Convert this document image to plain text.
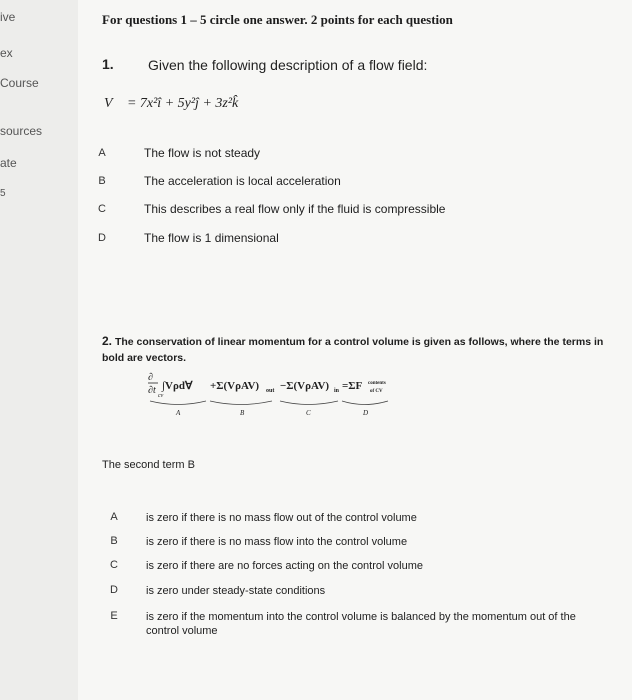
ive
ex
Course
sources
ate
5
For questions 1 – 5 circle one answer. 2 points for each question
1. Given the following description of a flow field:
V⃗ = 7x²î + 5y²ĵ + 3z²k̂
A	The flow is not steady
B	The acceleration is local acceleration
C	This describes a real flow only if the fluid is compressible
D	The flow is 1 dimensional
2. The conservation of linear momentum for a control volume is given as follows, where the terms in bold are vectors.
∂
∂t cv
∫Vρd∀ +Σ(VρAV) out −Σ(VρAV) in =ΣF contents
of CV
A	B	C	D
The second term B
A	is zero if there is no mass flow out of the control volume
B	is zero if there is no mass flow into the control volume
C	is zero if there are no forces acting on the control volume
D	is zero under steady-state conditions
E	is zero if the momentum into the control volume is balanced by the momentum out of the control volume
